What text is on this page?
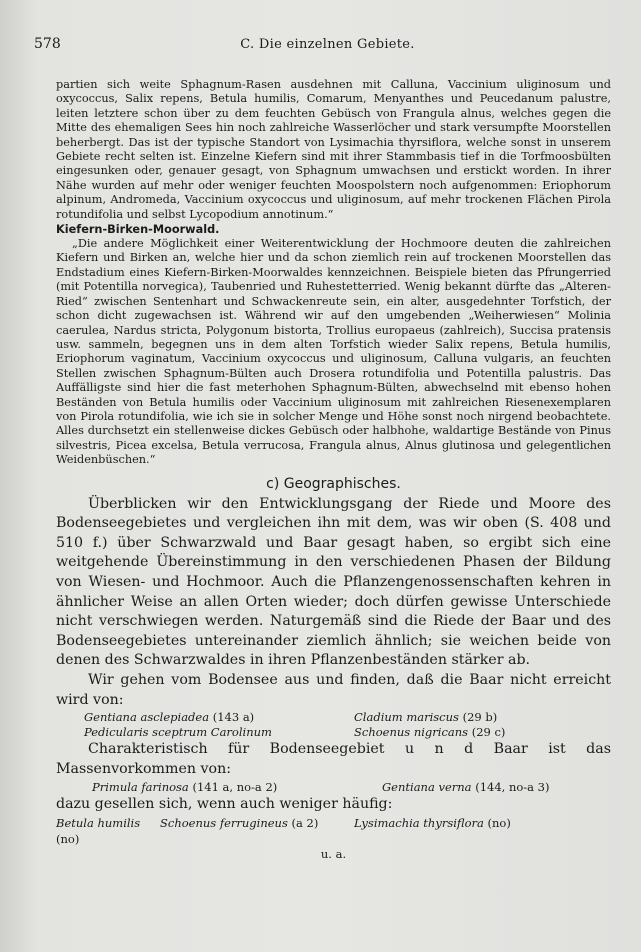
578	C. Die einzelnen Gebiete.

partien sich weite Sphagnum-Rasen ausdehnen mit Calluna, Vaccinium uliginosum und oxycoccus, Salix repens, Betula humilis, Comarum, Menyanthes und Peucedanum palustre, leiten letztere schon über zu dem feuchten Gebüsch von Frangula alnus, welches gegen die Mitte des ehemaligen Sees hin noch zahlreiche Wasserlöcher und stark versumpfte Moorstellen beherbergt. Das ist der typische Standort von Lysimachia thyrsiflora, welche sonst in unserem Gebiete recht selten ist. Einzelne Kiefern sind mit ihrer Stammbasis tief in die Torfmoosbülten eingesunken oder, genauer gesagt, von Sphagnum umwachsen und erstickt worden. In ihrer Nähe wurden auf mehr oder weniger feuchten Moospolstern noch aufgenommen: Eriophorum alpinum, Andromeda, Vaccinium oxycoccus und uliginosum, auf mehr trockenen Flächen Pirola rotundifolia und selbst Lycopodium annotinum.“

Kiefern-Birken-Moorwald.

„Die andere Möglichkeit einer Weiterentwicklung der Hochmoore deuten die zahlreichen Kiefern und Birken an, welche hier und da schon ziemlich rein auf trockenen Moorstellen das Endstadium eines Kiefern-Birken-Moorwaldes kennzeichnen. Beispiele bieten das Pfrungerried (mit Potentilla norvegica), Taubenried und Ruhestetterried. Wenig bekannt dürfte das „Alteren-Ried“ zwischen Sentenhart und Schwackenreute sein, ein alter, ausgedehnter Torfstich, der schon dicht zugewachsen ist. Während wir auf den umgebenden „Weiherwiesen“ Molinia caerulea, Nardus stricta, Polygonum bistorta, Trollius europaeus (zahlreich), Succisa pratensis usw. sammeln, begegnen uns in dem alten Torfstich wieder Salix repens, Betula humilis, Eriophorum vaginatum, Vaccinium oxycoccus und uliginosum, Calluna vulgaris, an feuchten Stellen zwischen Sphagnum-Bülten auch Drosera rotundifolia und Potentilla palustris. Das Auffälligste sind hier die fast meterhohen Sphagnum-Bülten, abwechselnd mit ebenso hohen Beständen von Betula humilis oder Vaccinium uliginosum mit zahlreichen Riesenexemplaren von Pirola rotundifolia, wie ich sie in solcher Menge und Höhe sonst noch nirgend beobachtete. Alles durchsetzt ein stellenweise dickes Gebüsch oder halbhohe, waldartige Bestände von Pinus silvestris, Picea excelsa, Betula verrucosa, Frangula alnus, Alnus glutinosa und gelegentlichen Weidenbüschen.“

c) Geographisches.

Überblicken wir den Entwicklungsgang der Riede und Moore des Bodenseegebietes und vergleichen ihn mit dem, was wir oben (S. 408 und 510 f.) über Schwarzwald und Baar gesagt haben, so ergibt sich eine weitgehende Übereinstimmung in den verschiedenen Phasen der Bildung von Wiesen- und Hochmoor. Auch die Pflanzengenossenschaften kehren in ähnlicher Weise an allen Orten wieder; doch dürfen gewisse Unterschiede nicht verschwiegen werden. Naturgemäß sind die Riede der Baar und des Bodenseegebietes untereinander ziemlich ähnlich; sie weichen beide von denen des Schwarzwaldes in ihren Pflanzenbeständen stärker ab.

Wir gehen vom Bodensee aus und finden, daß die Baar nicht erreicht wird von:

Gentiana asclepiadea (143 a)	Cladium mariscus (29 b)
Pedicularis sceptrum Carolinum	Schoenus nigricans (29 c)

Charakteristisch für Bodenseegebiet u n d Baar ist das Massenvorkommen von:

Primula farinosa (141 a, no-a 2)	Gentiana verna (144, no-a 3)

dazu gesellen sich, wenn auch weniger häufig:

Betula humilis (no)
Schoenus ferrugineus (a 2)	Lysimachia thyrsiflora (no)
u. a.
